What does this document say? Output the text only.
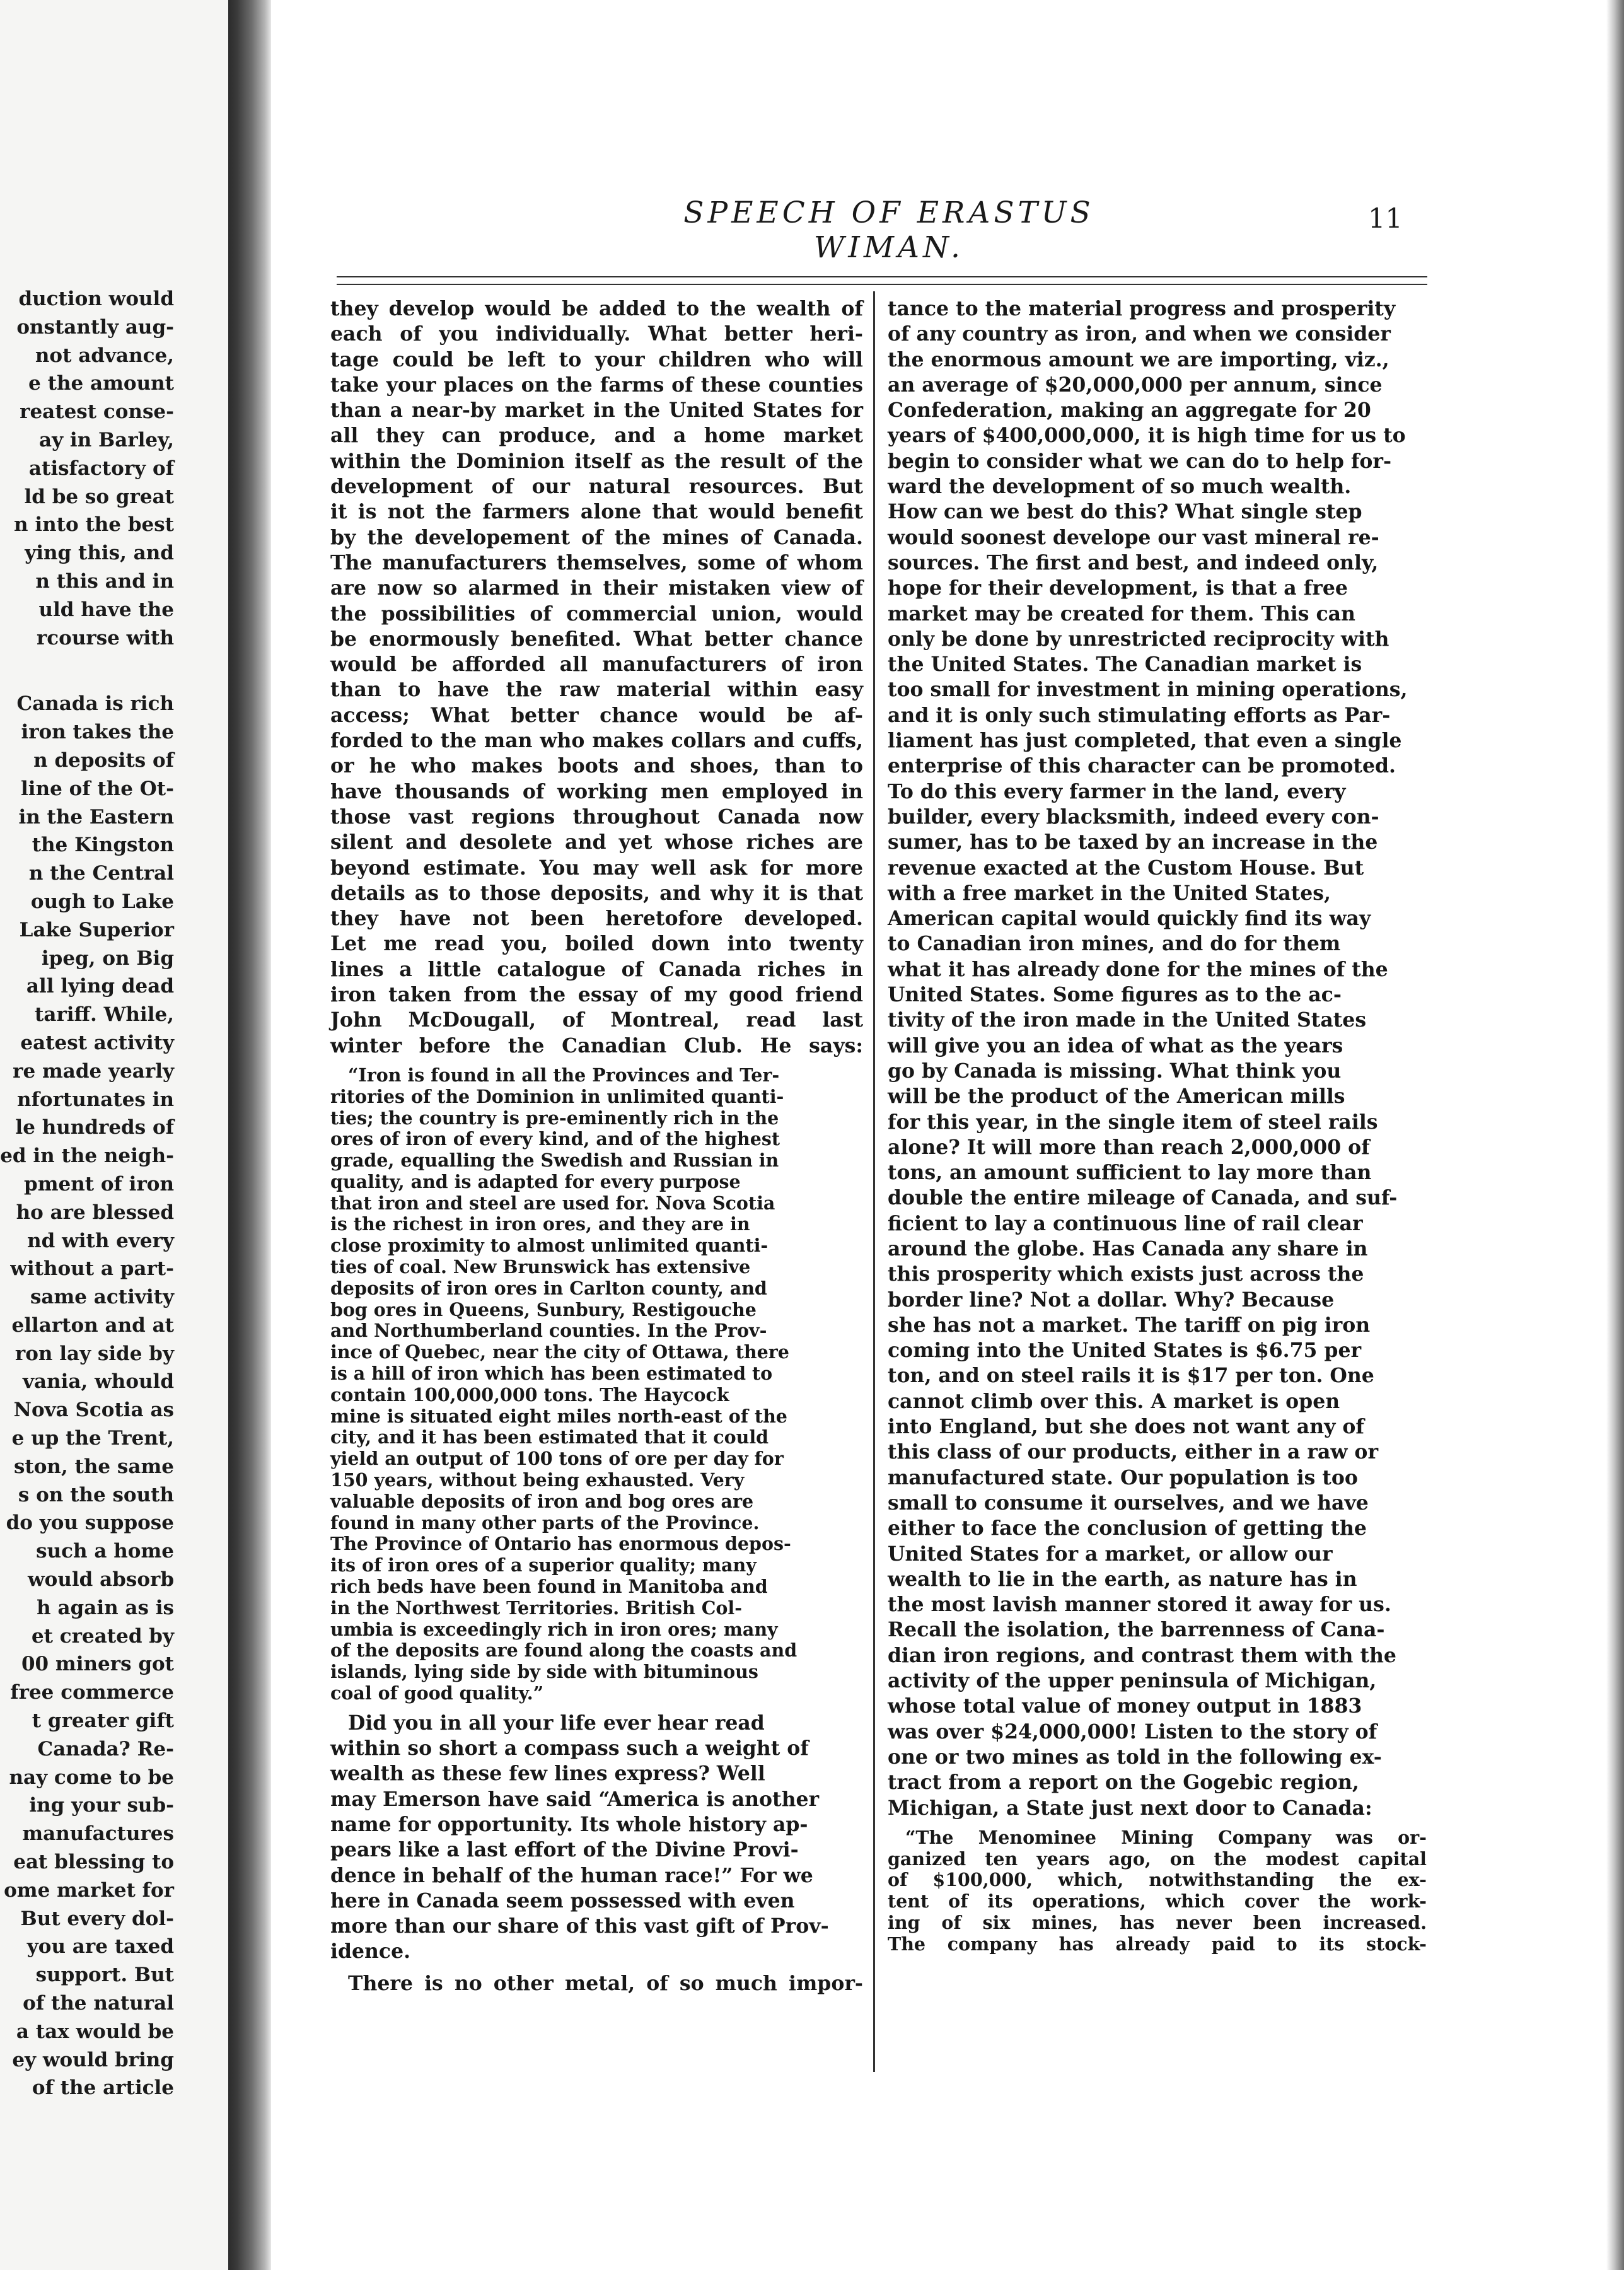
duction would
onstantly aug-
not advance,
e the amount
reatest conse-
ay in Barley,
atisfactory of
ld be so great
n into the best
ying this, and
n this and in
uld have the
rcourse with
Canada is rich
iron takes the
n deposits of
line of the Ot-
in the Eastern
the Kingston
n the Central
ough to Lake
Lake Superior
ipeg, on Big
all lying dead
tariff. While,
eatest activity
re made yearly
nfortunates in
le hundreds of
ed in the neigh-
pment of iron
ho are blessed
nd with every
without a part-
same activity
ellarton and at
ron lay side by
vania, whould
Nova Scotia as
e up the Trent,
ston, the same
s on the south
do you suppose
such a home
would absorb
h again as is
et created by
00 miners got
free commerce
t greater gift
Canada? Re-
nay come to be
ing your sub-
manufactures
eat blessing to
ome market for
But every dol-
you are taxed
support. But
of the natural
a tax would be
ey would bring
of the article
SPEECH OF ERASTUS WIMAN.
11

they develop would be added to the wealth of
each of you individually. What better heri-
tage could be left to your children who will
take your places on the farms of these counties
than a near-by market in the United States for
all they can produce, and a home market
within the Dominion itself as the result of the
development of our natural resources. But
it is not the farmers alone that would benefit
by the developement of the mines of Canada.
The manufacturers themselves, some of whom
are now so alarmed in their mistaken view of
the possibilities of commercial union, would
be enormously benefited. What better chance
would be afforded all manufacturers of iron
than to have the raw material within easy
access; What better chance would be af-
forded to the man who makes collars and cuffs,
or he who makes boots and shoes, than to
have thousands of working men employed in
those vast regions throughout Canada now
silent and desolete and yet whose riches are
beyond estimate. You may well ask for more
details as to those deposits, and why it is that
they have not been heretofore developed.
Let me read you, boiled down into twenty
lines a little catalogue of Canada riches in
iron taken from the essay of my good friend
John McDougall, of Montreal, read last
winter before the Canadian Club. He says:

“Iron is found in all the Provinces and Ter-
ritories of the Dominion in unlimited quanti-
ties; the country is pre-eminently rich in the
ores of iron of every kind, and of the highest
grade, equalling the Swedish and Russian in
quality, and is adapted for every purpose
that iron and steel are used for. Nova Scotia
is the richest in iron ores, and they are in
close proximity to almost unlimited quanti-
ties of coal. New Brunswick has extensive
deposits of iron ores in Carlton county, and
bog ores in Queens, Sunbury, Restigouche
and Northumberland counties. In the Prov-
ince of Quebec, near the city of Ottawa, there
is a hill of iron which has been estimated to
contain 100,000,000 tons. The Haycock
mine is situated eight miles north-east of the
city, and it has been estimated that it could
yield an output of 100 tons of ore per day for
150 years, without being exhausted. Very
valuable deposits of iron and bog ores are
found in many other parts of the Province.
The Province of Ontario has enormous depos-
its of iron ores of a superior quality; many
rich beds have been found in Manitoba and
in the Northwest Territories. British Col-
umbia is exceedingly rich in iron ores; many
of the deposits are found along the coasts and
islands, lying side by side with bituminous
coal of good quality.”

Did you in all your life ever hear read
within so short a compass such a weight of
wealth as these few lines express? Well
may Emerson have said “America is another
name for opportunity. Its whole history ap-
pears like a last effort of the Divine Provi-
dence in behalf of the human race!” For we
here in Canada seem possessed with even
more than our share of this vast gift of Prov-
idence.

There is no other metal, of so much impor-

tance to the material progress and prosperity
of any country as iron, and when we consider
the enormous amount we are importing, viz.,
an average of $20,000,000 per annum, since
Confederation, making an aggregate for 20
years of $400,000,000, it is high time for us to
begin to consider what we can do to help for-
ward the development of so much wealth.
How can we best do this? What single step
would soonest develope our vast mineral re-
sources. The first and best, and indeed only,
hope for their development, is that a free
market may be created for them. This can
only be done by unrestricted reciprocity with
the United States. The Canadian market is
too small for investment in mining operations,
and it is only such stimulating efforts as Par-
liament has just completed, that even a single
enterprise of this character can be promoted.
To do this every farmer in the land, every
builder, every blacksmith, indeed every con-
sumer, has to be taxed by an increase in the
revenue exacted at the Custom House. But
with a free market in the United States,
American capital would quickly find its way
to Canadian iron mines, and do for them
what it has already done for the mines of the
United States. Some figures as to the ac-
tivity of the iron made in the United States
will give you an idea of what as the years
go by Canada is missing. What think you
will be the product of the American mills
for this year, in the single item of steel rails
alone? It will more than reach 2,000,000 of
tons, an amount sufficient to lay more than
double the entire mileage of Canada, and suf-
ficient to lay a continuous line of rail clear
around the globe. Has Canada any share in
this prosperity which exists just across the
border line? Not a dollar. Why? Because
she has not a market. The tariff on pig iron
coming into the United States is $6.75 per
ton, and on steel rails it is $17 per ton. One
cannot climb over this. A market is open
into England, but she does not want any of
this class of our products, either in a raw or
manufactured state. Our population is too
small to consume it ourselves, and we have
either to face the conclusion of getting the
United States for a market, or allow our
wealth to lie in the earth, as nature has in
the most lavish manner stored it away for us.
Recall the isolation, the barrenness of Cana-
dian iron regions, and contrast them with the
activity of the upper peninsula of Michigan,
whose total value of money output in 1883
was over $24,000,000! Listen to the story of
one or two mines as told in the following ex-
tract from a report on the Gogebic region,
Michigan, a State just next door to Canada:

“The Menominee Mining Company was or-
ganized ten years ago, on the modest capital
of $100,000, which, notwithstanding the ex-
tent of its operations, which cover the work-
ing of six mines, has never been increased.
The company has already paid to its stock-
